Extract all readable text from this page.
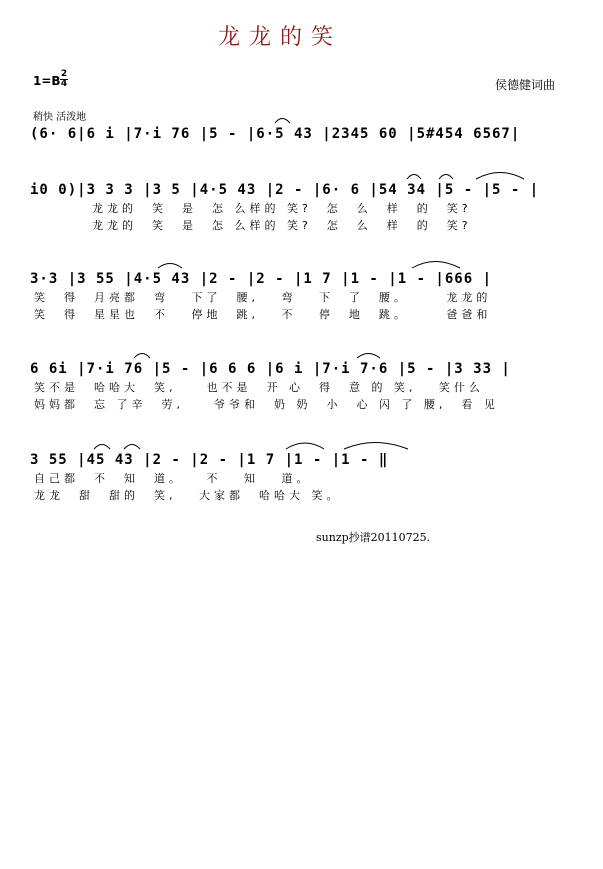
龙龙的笑
1=B 2
4	侯德健词曲
稍快 活泼地
(6· 6|6 i |7·i 76 |5 - |6·5 43 |2345 60 |5#454 6567|
i0 0)|3 3 3 |3 5 |4·5 43 |2 - |6· 6 |54 34 |5 - |5 - |
龙龙的  笑  是  怎 么样的 笑?  怎  么  样  的  笑?
龙龙的  笑  是  怎 么样的 笑?  怎  么  样  的  笑?
3·3 |3 55 |4·5 43 |2 - |2 - |1 7 |1 - |1 - |666 |
笑  得  月亮都  弯   下了  腰,   弯   下  了  腰。     龙龙的
笑  得  星星也  不   停地  跳,   不   停  地  跳。     爸爸和
6 6i |7·i 76 |5 - |6 6 6 |6 i |7·i 7·6 |5 - |3 33 |
笑不是  哈哈大  笑,    也不是  开 心  得  意 的 笑,   笑什么
妈妈都  忘 了辛  劳,    爷爷和  奶 奶  小  心 闪 了 腰,  看 见
3 55 |45 43 |2 - |2 - |1 7 |1 - |1 - ‖
自己都  不  知  道。   不   知   道。
龙龙  甜  甜的  笑,   大家都  哈哈大 笑。
sunzp抄谱20110725.
